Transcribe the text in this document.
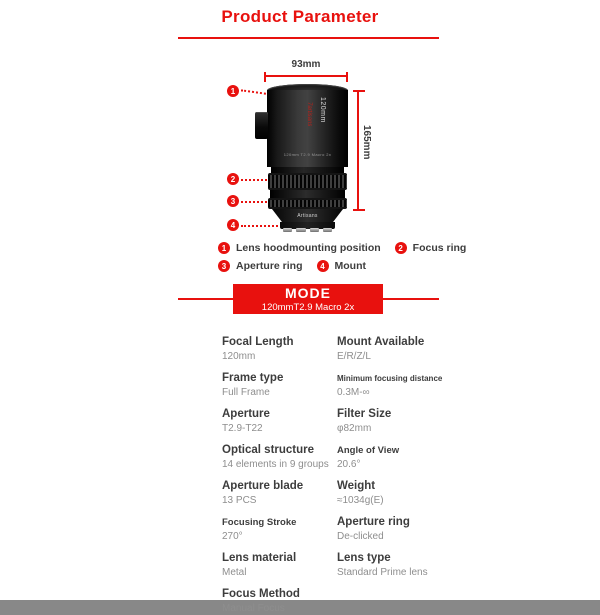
Product Parameter
93mm
165mm
120mm
7artisans
120mm T2.9 Macro 2x
Artisans
1
2
3
4
1 Lens hoodmounting position	2 Focus ring
3 Aperture ring	4 Mount
MODE
120mmT2.9 Macro 2x
Focal Length
120mm
Mount Available
E/R/Z/L
Frame type
Full Frame
Minimum focusing distance
0.3M-∞
Aperture
T2.9-T22
Filter Size
φ82mm
Optical structure
14 elements in 9 groups
Angle of View
20.6°
Aperture blade
13 PCS
Weight
≈1034g(E)
Focusing Stroke
270°
Aperture ring
De-clicked
Lens material
Metal
Lens type
Standard Prime lens
Focus Method
Manual Focus
